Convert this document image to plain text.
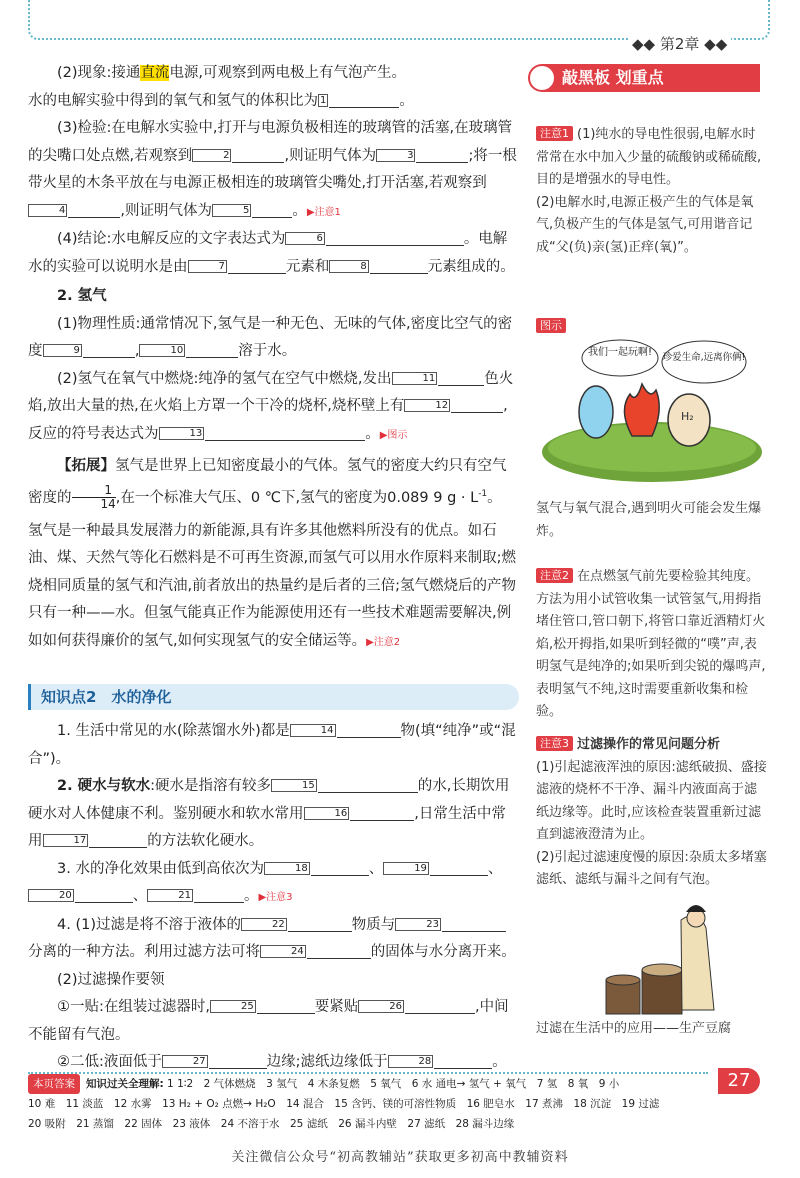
◆◆ 第2章 ◆◆

(2)现象:接通直流电源,可观察到两电极上有气泡产生。

水的电解实验中得到的氧气和氢气的体积比为 1	。

(3)检验:在电解水实验中,打开与电源负极相连的玻璃管的活塞,在玻璃管的尖嘴口处点燃,若观察到	2	,则证明气体为	3	;将一根带火星的木条平放在与电源正极相连的玻璃管尖嘴处,打开活塞,若观察到4	,则证明气体为	5	。▶注意1

(4)结论:水电解反应的文字表达式为	6	。电解水的实验可以说明水是由	7	元素和	8	元素组成的。

2. 氢气

(1)物理性质:通常情况下,氢气是一种无色、无味的气体,密度比空气的密度	9	,	10	溶于水。

(2)氢气在氧气中燃烧:纯净的氢气在空气中燃烧,发出	11	色火焰,放出大量的热,在火焰上方罩一个干冷的烧杯,烧杯壁上有	12	,反应的符号表达式为	13	。▶图示

【拓展】氢气是世界上已知密度最小的气体。氢气的密度大约只有空气密度的 $\frac{1}{14}$ ,在一个标准大气压、0 ℃下,氢气的密度为0.089 9 $g \cdot L^{-1}$。

氢气是一种最具发展潜力的新能源,具有许多其他燃料所没有的优点。如石油、煤、天然气等化石燃料是不可再生资源,而氢气可以用水作原料来制取;燃烧相同质量的氢气和汽油,前者放出的热量约是后者的三倍;氢气燃烧后的产物只有一种——水。但氢气能真正作为能源使用还有一些技术难题需要解决,例如如何获得廉价的氢气,如何实现氢气的安全储运等。▶注意2

知识点2　水的净化

1. 生活中常见的水(除蒸馏水外)都是	14	物(填“纯净”或“混合”)。

2. 硬水与软水:硬水是指溶有较多	15	的水,长期饮用硬水对人体健康不利。鉴别硬水和软水常用	16	,日常生活中常用	17	的方法软化硬水。

3. 水的净化效果由低到高依次为	18	、	19	、20	、	21	。▶注意3

4. (1)过滤是将不溶于液体的	22	物质与	23分离的一种方法。利用过滤方法可将	24	的固体与水分离开来。

(2)过滤操作要领

①一贴:在组装过滤器时,	25	要紧贴	26	,中间不能留有气泡。

②二低:液面低于	27	边缘;滤纸边缘低于	28	。

敲黑板 划重点

注意1 (1)纯水的导电性很弱,电解水时常常在水中加入少量的硫酸钠或稀硫酸,目的是增强水的导电性。

(2)电解水时,电源正极产生的气体是氧气,负极产生的气体是氢气,可用谐音记成“父(负)亲(氢)正痒(氧)”。

图示

H₂
我们一起玩啊! 珍爱生命,远离你俩!

氢气与氧气混合,遇到明火可能会发生爆炸。

注意2 在点燃氢气前先要检验其纯度。方法为用小试管收集一试管氢气,用拇指堵住管口,管口朝下,将管口靠近酒精灯火焰,松开拇指,如果听到轻微的“噗”声,表明氢气是纯净的;如果听到尖锐的爆鸣声,表明氢气不纯,这时需要重新收集和检验。

注意3 过滤操作的常见问题分析

(1)引起滤液浑浊的原因:滤纸破损、盛接滤液的烧杯不干净、漏斗内液面高于滤纸边缘等。此时,应该检查装置重新过滤直到滤液澄清为止。

(2)引起过滤速度慢的原因:杂质太多堵塞滤纸、滤纸与漏斗之间有气泡。

过滤在生活中的应用——生产豆腐
本页答案 知识过关全理解: 1 1∶2　2 气体燃烧　3 氢气　4 木条复燃　5 氧气　6 水 通电→ 氢气 + 氧气　7 氢　8 氧　9 小
10 难　11 淡蓝　12 水雾　13 H₂ + O₂ 点燃→ H₂O　14 混合　15 含钙、镁的可溶性物质　16 肥皂水　17 煮沸　18 沉淀　19 过滤
20 吸附　21 蒸馏　22 固体　23 液体　24 不溶于水　25 滤纸　26 漏斗内壁　27 滤纸　28 漏斗边缘
27
关注微信公众号“初高教辅站”获取更多初高中教辅资料
